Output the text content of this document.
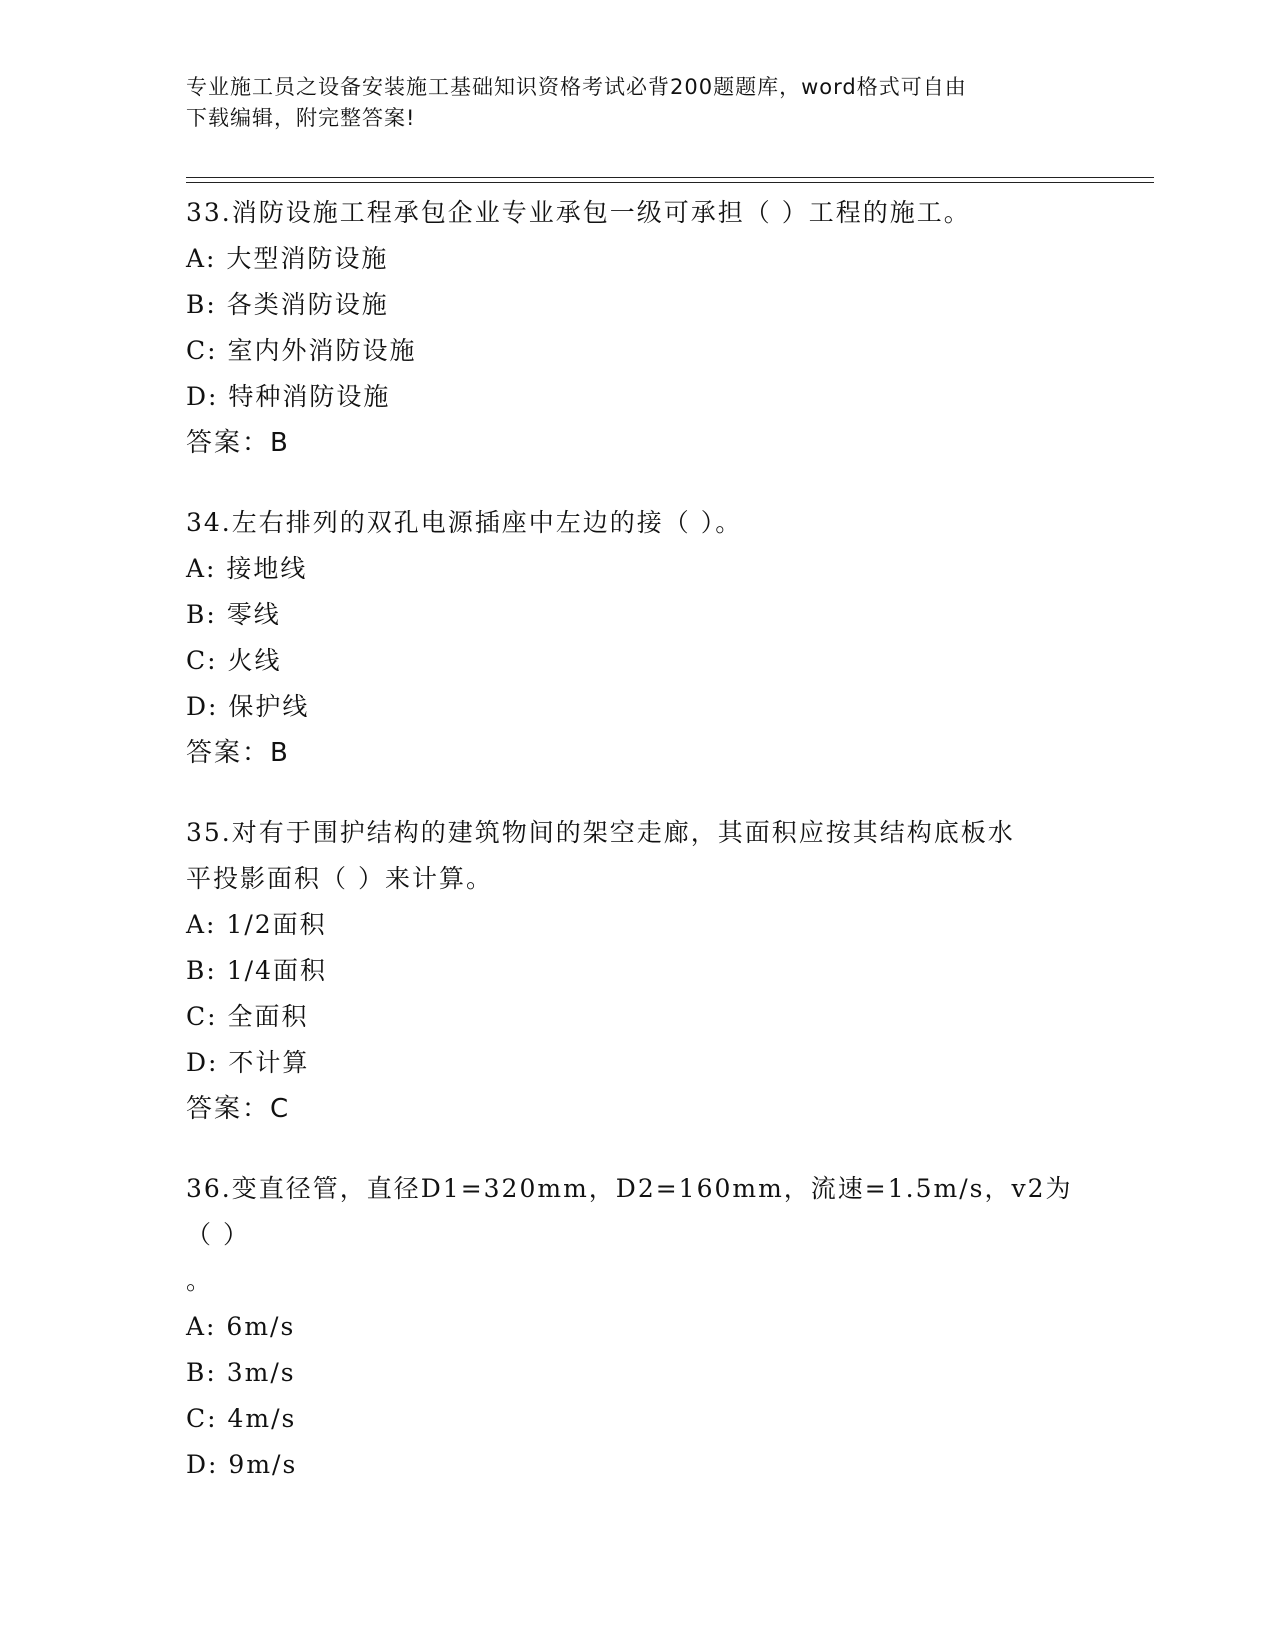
专业施工员之设备安装施工基础知识资格考试必背200题题库，word格式可自由
下载编辑，附完整答案!

33.消防设施工程承包企业专业承包一级可承担（ ）工程的施工。

A: 大型消防设施

B: 各类消防设施

C: 室内外消防设施

D: 特种消防设施

答案：B

34.左右排列的双孔电源插座中左边的接（ ）。

A: 接地线

B: 零线

C: 火线

D: 保护线

答案：B

35.对有于围护结构的建筑物间的架空走廊，其面积应按其结构底板水平投影面积（ ）来计算。

A: 1/2面积

B: 1/4面积

C: 全面积

D: 不计算

答案：C

36.变直径管，直径D1=320mm，D2=160mm，流速=1.5m/s，v2为（ ）

。

A: 6m/s

B: 3m/s

C: 4m/s

D: 9m/s
